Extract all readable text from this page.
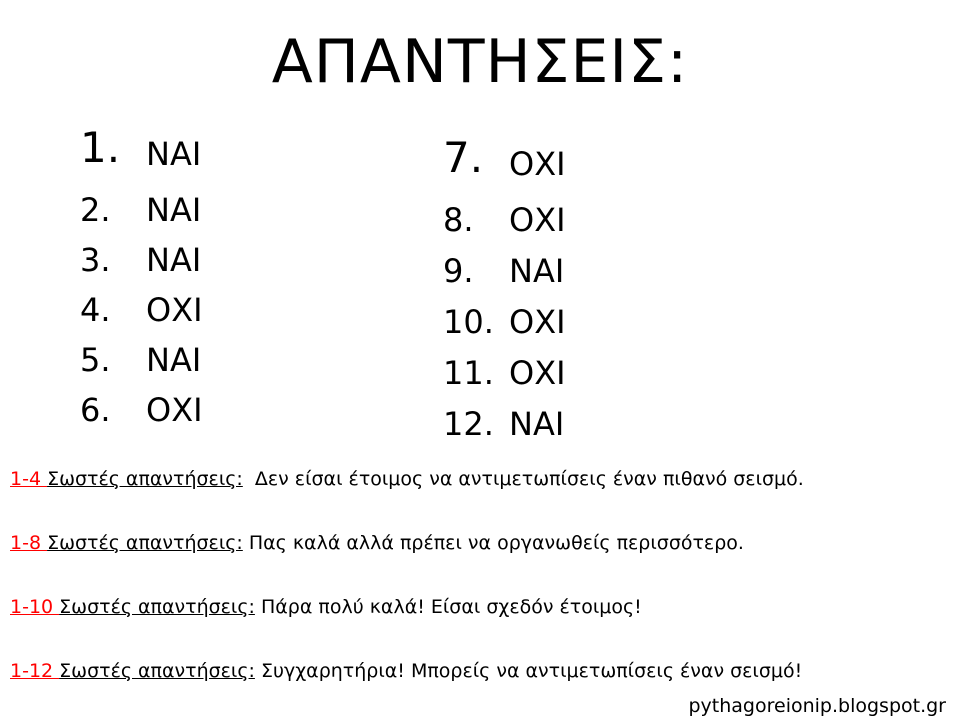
ΑΠΑΝΤΗΣΕΙΣ:
1. ΝΑΙ
2. ΝΑΙ
3. ΝΑΙ
4. ΟΧΙ
5. ΝΑΙ
6. ΟΧΙ
7. ΟΧΙ
8. ΟΧΙ
9. ΝΑΙ
10. ΟΧΙ
11. ΟΧΙ
12. ΝΑΙ
1-4 Σωστές απαντήσεις:  Δεν είσαι έτοιμος να αντιμετωπίσεις έναν πιθανό σεισμό.
1-8 Σωστές απαντήσεις: Πας καλά αλλά πρέπει να οργανωθείς περισσότερο.
1-10 Σωστές απαντήσεις: Πάρα πολύ καλά! Είσαι σχεδόν έτοιμος!
1-12 Σωστές απαντήσεις: Συγχαρητήρια! Μπορείς να αντιμετωπίσεις έναν σεισμό!
pythagoreionip.blogspot.gr
